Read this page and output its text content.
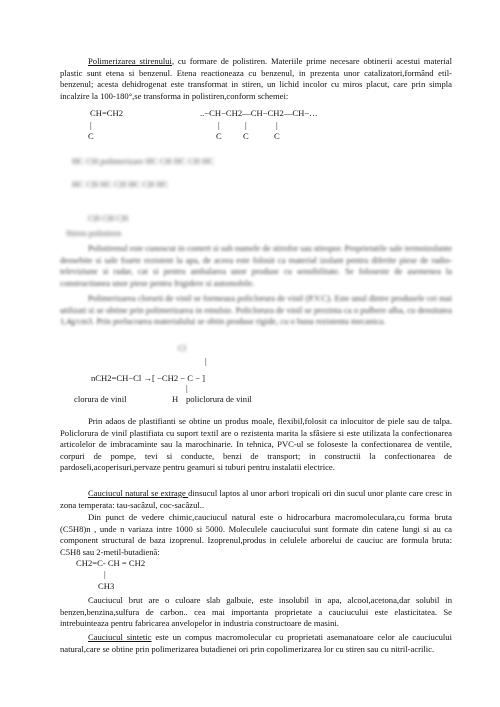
Polimerizarea stirenului, cu formare de polistiren. Materiile prime necesare obtinerii acestui material plastic sunt etena si benzenul. Etena reactioneaza cu benzenul, in prezenta unor catalizatori,formând etil-benzenul; acesta dehidrogenat este transformat in stiren, un lichid incolor cu miros placut, care prin simpla incalzire la 100-180°,se transforma in polistiren,conform schemei:

CH=CH2	..−CH−CH2—CH−CH2—CH−…
|	|	|	|
C	C C	C
HC CH polimerizare HC CH HC CH HC
HC CH HC CH HC CH HC
CH CH CH
Stiren polistiren

Polistirenul este cunoscut in comert si sub numele de stirofor sau stiropor. Proprietatile sale termoizolante deosebite si sale foarte rezistent la apa, de aceea este folosit ca material izolant pentru diferite piese de radio-televiziune si radar, cat si pentru ambalarea unor produse cu sensibilitate. Se foloseste de asemenea la constructiunea unor piese pentru frigidere si automobile.

Polimerizarea clorurii de vinil se formeaza policlorura de vinil (P.V.C). Este unul dintre produsele cei mai utilizati si se obtine prin polimerizarea in emulsie. Policlorura de vinil se prezinta ca o pulbere alba, cu densitatea 1,4g/cm3. Prin prelucrarea materialului se obtin produse rigide, cu o buna rezistenta mecanica.

Cl
|
nCH2=CH−Cl →[ −CH2 − C − ]
|
clorura de vinil	H policlorura de vinil

Prin adaos de plastifianti se obtine un produs moale, flexibil,folosit ca inlocuitor de piele sau de talpa. Policlorura de vinil plastifiata cu suport textil are o rezistenta marita la sfâsiere si este utilizata la confectionarea articolelor de imbracaminte sau la marochinarie. In tehnica, PVC-ul se foloseste la confectionarea de ventile, corpuri de pompe, tevi si conducte, benzi de transport; in constructii la confectionarea de pardoseli,acoperisuri,pervaze pentru geamuri si tuburi pentru instalatii electrice.

Cauciucul natural se extrage dinsucul laptos al unor arbori tropicali ori din sucul unor plante care cresc in zona temperata: tau-sacâzul, coc-sacâzul..

Din punct de vedere chimic,cauciucul natural este o hidrocarbura macromoleculara,cu forma bruta (C5H8)n , unde n variaza intre 1000 si 5000. Moleculele cauciucului sunt formate din catene lungi si au ca component structural de baza izoprenul. Izoprenul,produs in celulele arborelui de cauciuc are formula bruta: C5H8 sau 2-metil-butadienă:

CH2=C- CH = CH2
|
CH3

Cauciucul brut are o culoare slab galbuie, este insolubil in apa, alcool,acetona,dar solubil in benzen,benzina,sulfura de carbon.. cea mai importanta proprietate a cauciucului este elasticitatea. Se intrebuinteaza pentru fabricarea anvelopelor in industria constructoare de masini.

Cauciucul sintetic este un compus macromolecular cu proprietati asemanatoare celor ale cauciucului natural,care se obtine prin polimerizarea butadienei ori prin copolimerizarea lor cu stiren sau cu nitril-acrilic.
